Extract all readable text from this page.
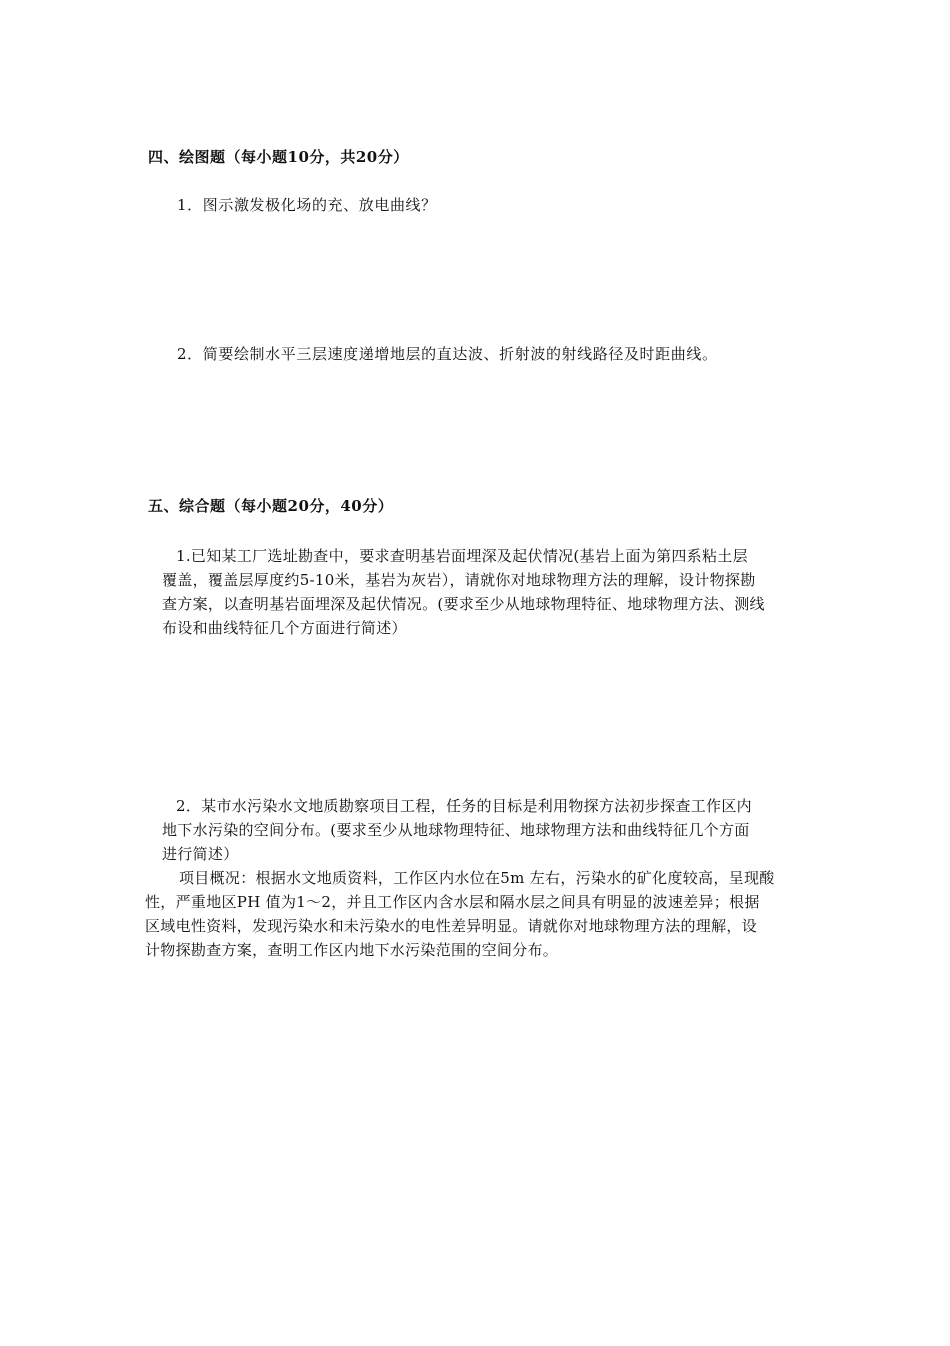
四、绘图题（每小题10分，共20分）
1．图示激发极化场的充、放电曲线？
2．简要绘制水平三层速度递增地层的直达波、折射波的射线路径及时距曲线。
五、综合题（每小题20分，40分）
1.已知某工厂选址勘查中，要求查明基岩面埋深及起伏情况(基岩上面为第四系粘土层
覆盖，覆盖层厚度约5-10米，基岩为灰岩），请就你对地球物理方法的理解，设计物探勘
查方案，以查明基岩面埋深及起伏情况。(要求至少从地球物理特征、地球物理方法、测线
布设和曲线特征几个方面进行简述）
2．某市水污染水文地质勘察项目工程，任务的目标是利用物探方法初步探查工作区内
地下水污染的空间分布。(要求至少从地球物理特征、地球物理方法和曲线特征几个方面
进行简述）
项目概况：根据水文地质资料，工作区内水位在5m 左右，污染水的矿化度较高，呈现酸
性，严重地区PH 值为1～2，并且工作区内含水层和隔水层之间具有明显的波速差异；根据
区域电性资料，发现污染水和未污染水的电性差异明显。请就你对地球物理方法的理解，设
计物探勘查方案，查明工作区内地下水污染范围的空间分布。
